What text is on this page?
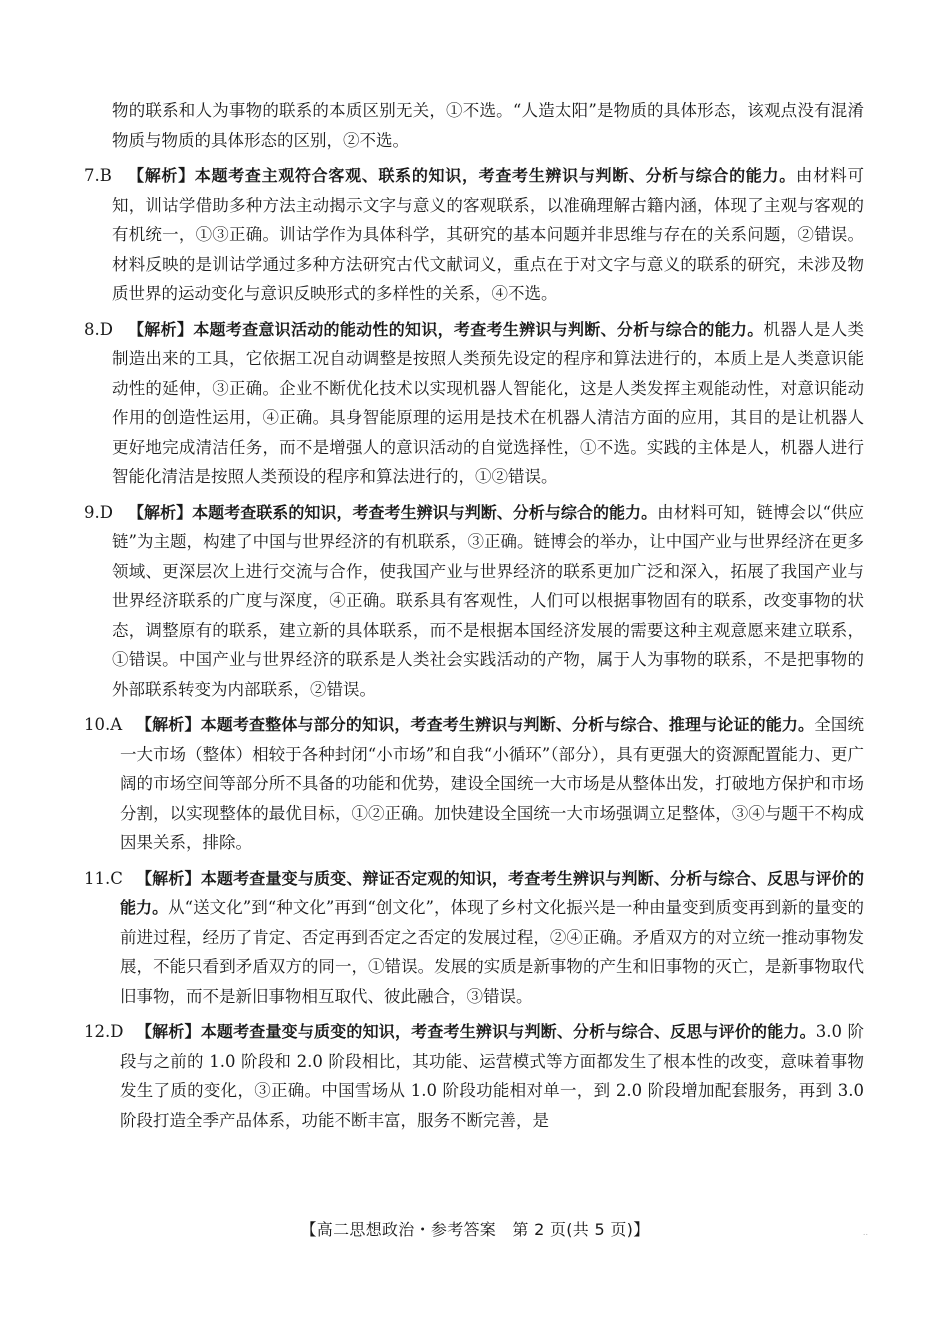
物的联系和人为事物的联系的本质区别无关，①不选。“人造太阳”是物质的具体形态，该观点没有混淆物质与物质的具体形态的区别，②不选。

7.B	【解析】本题考查主观符合客观、联系的知识，考查考生辨识与判断、分析与综合的能力。由材料可知，训诂学借助多种方法主动揭示文字与意义的客观联系，以准确理解古籍内涵，体现了主观与客观的有机统一，①③正确。训诂学作为具体科学，其研究的基本问题并非思维与存在的关系问题，②错误。材料反映的是训诂学通过多种方法研究古代文献词义，重点在于对文字与意义的联系的研究，未涉及物质世界的运动变化与意识反映形式的多样性的关系，④不选。
8.D 【解析】本题考查意识活动的能动性的知识，考查考生辨识与判断、分析与综合的能力。机器人是人类制造出来的工具，它依据工况自动调整是按照人类预先设定的程序和算法进行的，本质上是人类意识能动性的延伸，③正确。企业不断优化技术以实现机器人智能化，这是人类发挥主观能动性，对意识能动作用的创造性运用，④正确。具身智能原理的运用是技术在机器人清洁方面的应用，其目的是让机器人更好地完成清洁任务，而不是增强人的意识活动的自觉选择性，①不选。实践的主体是人，机器人进行智能化清洁是按照人类预设的程序和算法进行的，①②错误。
9.D 【解析】本题考查联系的知识，考查考生辨识与判断、分析与综合的能力。由材料可知，链博会以“供应链”为主题，构建了中国与世界经济的有机联系，③正确。链博会的举办，让中国产业与世界经济在更多领域、更深层次上进行交流与合作，使我国产业与世界经济的联系更加广泛和深入，拓展了我国产业与世界经济联系的广度与深度，④正确。联系具有客观性，人们可以根据事物固有的联系，改变事物的状态，调整原有的联系，建立新的具体联系，而不是根据本国经济发展的需要这种主观意愿来建立联系，①错误。中国产业与世界经济的联系是人类社会实践活动的产物，属于人为事物的联系，不是把事物的外部联系转变为内部联系，②错误。
10.A 【解析】本题考查整体与部分的知识，考查考生辨识与判断、分析与综合、推理与论证的能力。全国统一大市场（整体）相较于各种封闭“小市场”和自我“小循环”（部分），具有更强大的资源配置能力、更广阔的市场空间等部分所不具备的功能和优势，建设全国统一大市场是从整体出发，打破地方保护和市场分割，以实现整体的最优目标，①②正确。加快建设全国统一大市场强调立足整体，③④与题干不构成因果关系，排除。
11.C 【解析】本题考查量变与质变、辩证否定观的知识，考查考生辨识与判断、分析与综合、反思与评价的能力。从“送文化”到“种文化”再到“创文化”，体现了乡村文化振兴是一种由量变到质变再到新的量变的前进过程，经历了肯定、否定再到否定之否定的发展过程，②④正确。矛盾双方的对立统一推动事物发展，不能只看到矛盾双方的同一，①错误。发展的实质是新事物的产生和旧事物的灭亡，是新事物取代旧事物，而不是新旧事物相互取代、彼此融合，③错误。
12.D 【解析】本题考查量变与质变的知识，考查考生辨识与判断、分析与综合、反思与评价的能力。3.0 阶段与之前的 1.0 阶段和 2.0 阶段相比，其功能、运营模式等方面都发生了根本性的改变，意味着事物发生了质的变化，③正确。中国雪场从 1.0 阶段功能相对单一，到 2.0 阶段增加配套服务，再到 3.0 阶段打造全季产品体系，功能不断丰富，服务不断完善，是
【高二思想政治・参考答案　第 2 页(共 5 页)】	..
